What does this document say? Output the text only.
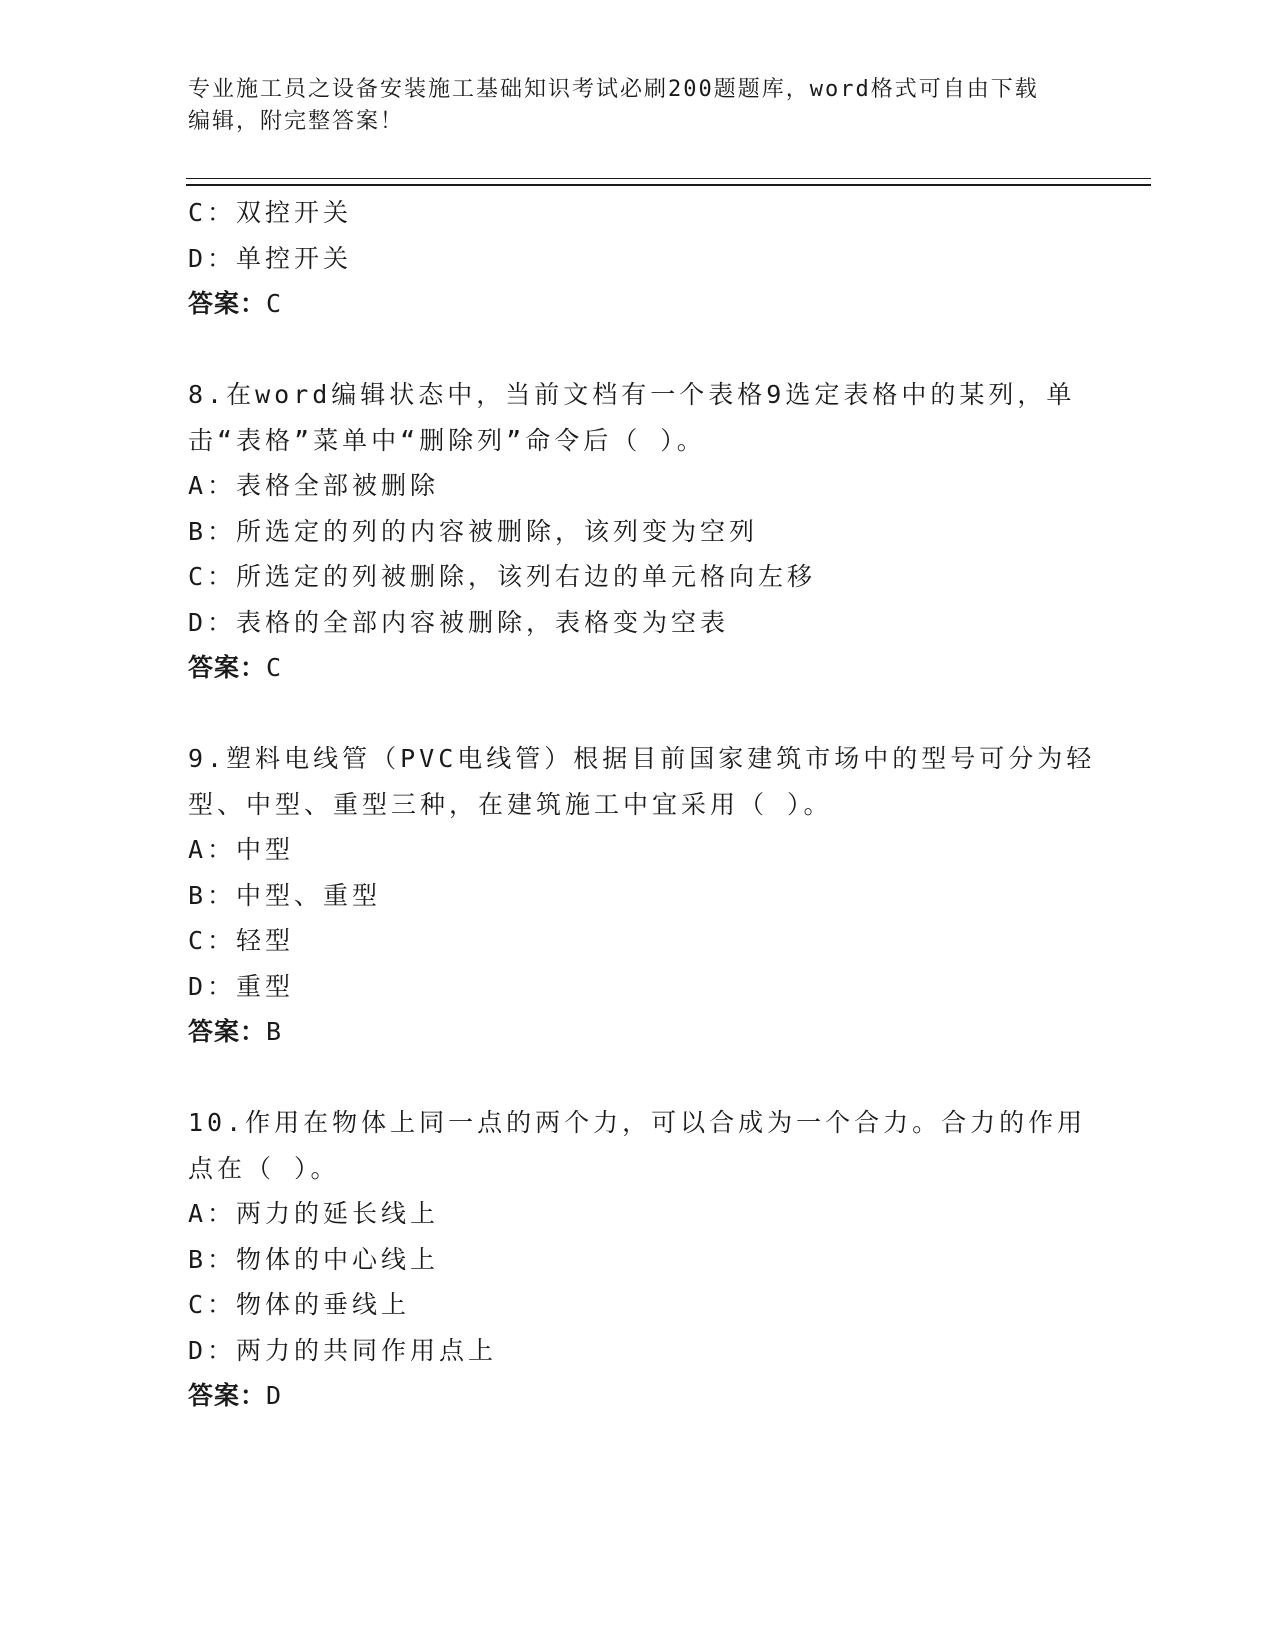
专业施工员之设备安装施工基础知识考试必刷200题题库，word格式可自由下载
编辑，附完整答案！
C：双控开关
D：单控开关
答案：C
8.在word编辑状态中，当前文档有一个表格9选定表格中的某列，单
击“表格”菜单中“删除列”命令后（ ）。
A：表格全部被删除
B：所选定的列的内容被删除，该列变为空列
C：所选定的列被删除，该列右边的单元格向左移
D：表格的全部内容被删除，表格变为空表
答案：C
9.塑料电线管（PVC电线管）根据目前国家建筑市场中的型号可分为轻
型、中型、重型三种，在建筑施工中宜采用（ ）。
A：中型
B：中型、重型
C：轻型
D：重型
答案：B
10.作用在物体上同一点的两个力，可以合成为一个合力。合力的作用
点在（ ）。
A：两力的延长线上
B：物体的中心线上
C：物体的垂线上
D：两力的共同作用点上
答案：D
